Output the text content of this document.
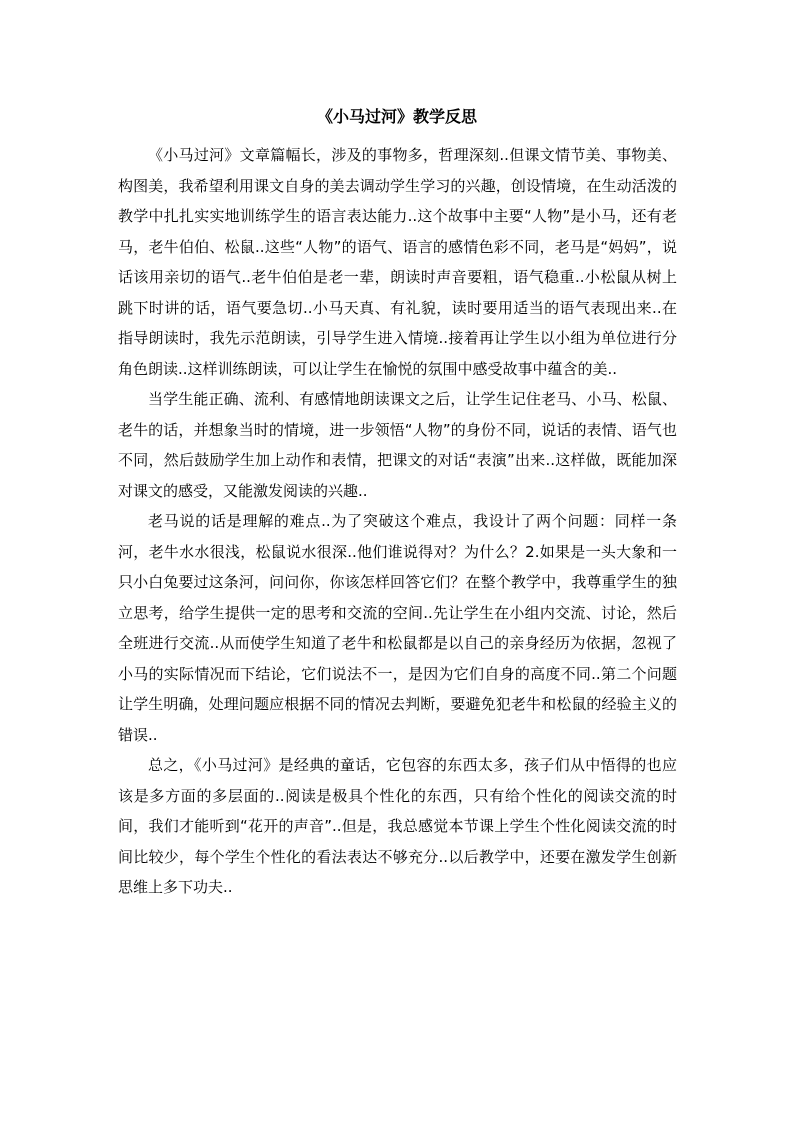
《小马过河》教学反思

《小马过河》文章篇幅长，涉及的事物多，哲理深刻..但课文情节美、事物美、构图美，我希望利用课文自身的美去调动学生学习的兴趣，创设情境，在生动活泼的教学中扎扎实实地训练学生的语言表达能力..这个故事中主要“人物”是小马，还有老马，老牛伯伯、松鼠..这些“人物”的语气、语言的感情色彩不同，老马是“妈妈”，说话该用亲切的语气..老牛伯伯是老一辈，朗读时声音要粗，语气稳重..小松鼠从树上跳下时讲的话，语气要急切..小马天真、有礼貌，读时要用适当的语气表现出来..在指导朗读时，我先示范朗读，引导学生进入情境..接着再让学生以小组为单位进行分角色朗读..这样训练朗读，可以让学生在愉悦的氛围中感受故事中蕴含的美..

当学生能正确、流利、有感情地朗读课文之后，让学生记住老马、小马、松鼠、老牛的话，并想象当时的情境，进一步领悟“人物”的身份不同，说话的表情、语气也不同，然后鼓励学生加上动作和表情，把课文的对话“表演”出来..这样做，既能加深对课文的感受，又能激发阅读的兴趣..

老马说的话是理解的难点..为了突破这个难点，我设计了两个问题：同样一条河，老牛水水很浅，松鼠说水很深..他们谁说得对？为什么？2.如果是一头大象和一只小白兔要过这条河，问问你，你该怎样回答它们？在整个教学中，我尊重学生的独立思考，给学生提供一定的思考和交流的空间..先让学生在小组内交流、讨论，然后全班进行交流..从而使学生知道了老牛和松鼠都是以自己的亲身经历为依据，忽视了小马的实际情况而下结论，它们说法不一，是因为它们自身的高度不同..第二个问题让学生明确，处理问题应根据不同的情况去判断，要避免犯老牛和松鼠的经验主义的错误..

总之，《小马过河》是经典的童话，它包容的东西太多，孩子们从中悟得的也应该是多方面的多层面的..阅读是极具个性化的东西，只有给个性化的阅读交流的时间，我们才能听到“花开的声音”..但是，我总感觉本节课上学生个性化阅读交流的时间比较少，每个学生个性化的看法表达不够充分..以后教学中，还要在激发学生创新思维上多下功夫..
